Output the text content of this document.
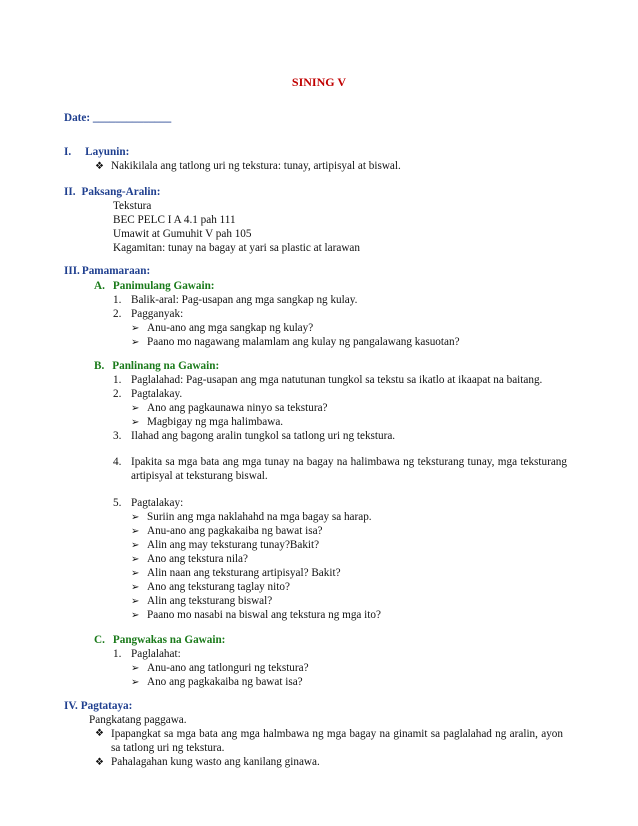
SINING V
Date: ______________
I. Layunin:
❖ Nakikilala ang tatlong uri ng tekstura: tunay, artipisyal at biswal.
II. Paksang-Aralin:
Tekstura
BEC PELC I A 4.1 pah 111
Umawit at Gumuhit V pah 105
Kagamitan: tunay na bagay at yari sa plastic at larawan
III. Pamamaraan:
A. Panimulang Gawain:
1. Balik-aral: Pag-usapan ang mga sangkap ng kulay.
2. Pagganyak:
➢ Anu-ano ang mga sangkap ng kulay?
➢ Paano mo nagawang malamlam ang kulay ng pangalawang kasuotan?
B. Panlinang na Gawain:
1. Paglalahad: Pag-usapan ang mga natutunan tungkol sa tekstu sa ikatlo at ikaapat na baitang.
2. Pagtalakay.
➢ Ano ang pagkaunawa ninyo sa tekstura?
➢ Magbigay ng mga halimbawa.
3. Ilahad ang bagong aralin tungkol sa tatlong uri ng tekstura.
4. Ipakita sa mga bata ang mga tunay na bagay na halimbawa ng teksturang tunay, mga teksturang artipisyal at teksturang biswal.
5. Pagtalakay:
➢ Suriin ang mga naklahahd na mga bagay sa harap.
➢ Anu-ano ang pagkakaiba ng bawat isa?
➢ Alin ang may teksturang tunay?Bakit?
➢ Ano ang tekstura nila?
➢ Alin naan ang teksturang artipisyal? Bakit?
➢ Ano ang teksturang taglay nito?
➢ Alin ang teksturang biswal?
➢ Paano mo nasabi na biswal ang tekstura ng mga ito?
C. Pangwakas na Gawain:
1. Paglalahat:
➢ Anu-ano ang tatlonguri ng tekstura?
➢ Ano ang pagkakaiba ng bawat isa?
IV. Pagtataya:
Pangkatang paggawa.
❖ Ipapangkat sa mga bata ang mga halmbawa ng mga bagay na ginamit sa paglalahad ng aralin, ayon sa tatlong uri ng tekstura.
❖ Pahalagahan kung wasto ang kanilang ginawa.
